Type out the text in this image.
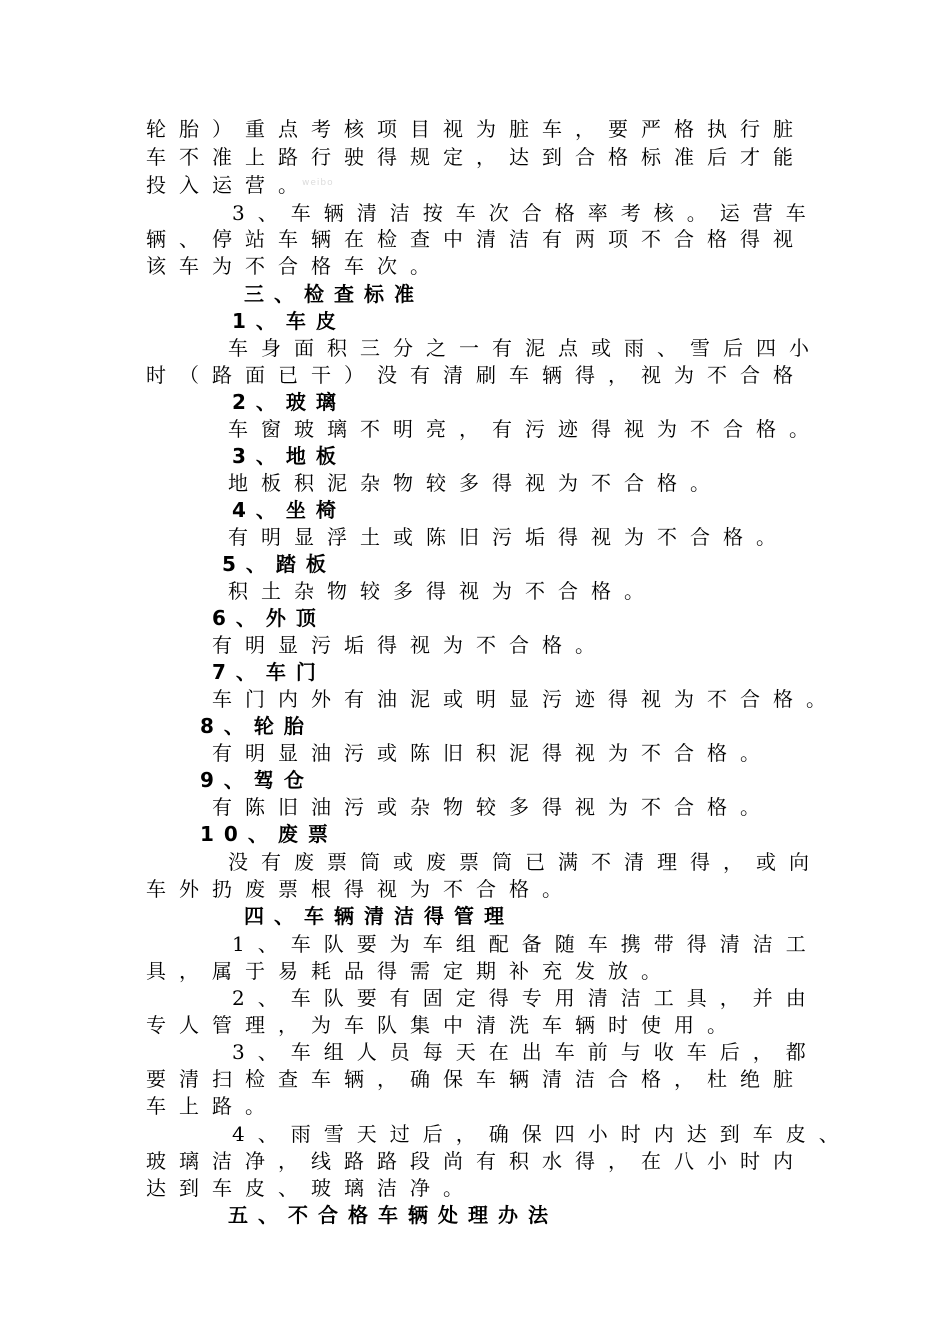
轮胎）重点考核项目视为脏车，要严格执行脏
车不准上路行驶得规定，达到合格标准后才能
投入运营。
weibo
3、车辆清洁按车次合格率考核。运营车
辆、停站车辆在检查中清洁有两项不合格得视
该车为不合格车次。
三、检查标准
1、车皮
车身面积三分之一有泥点或雨、雪后四小
时（路面已干）没有清刷车辆得，视为不合格
2、玻璃
车窗玻璃不明亮，有污迹得视为不合格。
3、地板
地板积泥杂物较多得视为不合格。
4、坐椅
有明显浮土或陈旧污垢得视为不合格。
5、踏板
积土杂物较多得视为不合格。
6、外顶
有明显污垢得视为不合格。
7、车门
车门内外有油泥或明显污迹得视为不合格。
8、轮胎
有明显油污或陈旧积泥得视为不合格。
9、驾仓
有陈旧油污或杂物较多得视为不合格。
10、废票
没有废票筒或废票筒已满不清理得，或向
车外扔废票根得视为不合格。
四、车辆清洁得管理
1、车队要为车组配备随车携带得清洁工
具，属于易耗品得需定期补充发放。
2、车队要有固定得专用清洁工具，并由
专人管理，为车队集中清洗车辆时使用。
3、车组人员每天在出车前与收车后，都
要清扫检查车辆，确保车辆清洁合格，杜绝脏
车上路。
4、雨雪天过后，确保四小时内达到车皮、
玻璃洁净，线路路段尚有积水得，在八小时内
达到车皮、玻璃洁净。
五、不合格车辆处理办法
